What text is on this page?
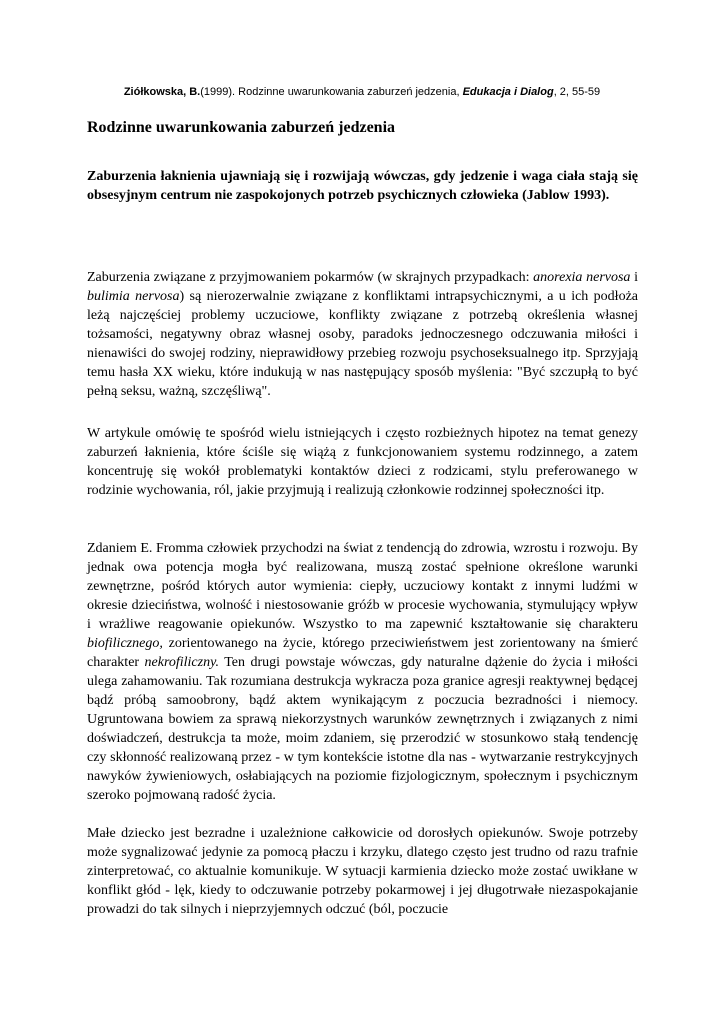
Ziółkowska, B.(1999). Rodzinne uwarunkowania zaburzeń jedzenia, Edukacja i Dialog, 2, 55-59
Rodzinne uwarunkowania zaburzeń jedzenia

Zaburzenia łaknienia ujawniają się i rozwijają wówczas, gdy jedzenie i waga ciała stają się obsesyjnym centrum nie zaspokojonych potrzeb psychicznych człowieka (Jablow 1993).

Zaburzenia związane z przyjmowaniem pokarmów (w skrajnych przypadkach: anorexia nervosa i bulimia nervosa) są nierozerwalnie związane z konfliktami intrapsychicznymi, a u ich podłoża leżą najczęściej problemy uczuciowe, konflikty związane z potrzebą określenia własnej tożsamości, negatywny obraz własnej osoby, paradoks jednoczesnego odczuwania miłości i nienawiści do swojej rodziny, nieprawidłowy przebieg rozwoju psychoseksualnego itp. Sprzyjają temu hasła XX wieku, które indukują w nas następujący sposób myślenia: "Być szczupłą to być pełną seksu, ważną, szczęśliwą".

W artykule omówię te spośród wielu istniejących i często rozbieżnych hipotez na temat genezy zaburzeń łaknienia, które ściśle się wiążą z funkcjonowaniem systemu rodzinnego, a zatem koncentruję się wokół problematyki kontaktów dzieci z rodzicami, stylu preferowanego w rodzinie wychowania, ról, jakie przyjmują i realizują członkowie rodzinnej społeczności itp.

Zdaniem E. Fromma człowiek przychodzi na świat z tendencją do zdrowia, wzrostu i rozwoju. By jednak owa potencja mogła być realizowana, muszą zostać spełnione określone warunki zewnętrzne, pośród których autor wymienia: ciepły, uczuciowy kontakt z innymi ludźmi w okresie dzieciństwa, wolność i niestosowanie gróźb w procesie wychowania, stymulujący wpływ i wrażliwe reagowanie opiekunów. Wszystko to ma zapewnić kształtowanie się charakteru biofilicznego, zorientowanego na życie, którego przeciwieństwem jest zorientowany na śmierć charakter nekrofiliczny. Ten drugi powstaje wówczas, gdy naturalne dążenie do życia i miłości ulega zahamowaniu. Tak rozumiana destrukcja wykracza poza granice agresji reaktywnej będącej bądź próbą samoobrony, bądź aktem wynikającym z poczucia bezradności i niemocy. Ugruntowana bowiem za sprawą niekorzystnych warunków zewnętrznych i związanych z nimi doświadczeń, destrukcja ta może, moim zdaniem, się przerodzić w stosunkowo stałą tendencję czy skłonność realizowaną przez - w tym kontekście istotne dla nas - wytwarzanie restrykcyjnych nawyków żywieniowych, osłabiających na poziomie fizjologicznym, społecznym i psychicznym szeroko pojmowaną radość życia.

Małe dziecko jest bezradne i uzależnione całkowicie od dorosłych opiekunów. Swoje potrzeby może sygnalizować jedynie za pomocą płaczu i krzyku, dlatego często jest trudno od razu trafnie zinterpretować, co aktualnie komunikuje. W sytuacji karmienia dziecko może zostać uwikłane w konflikt głód - lęk, kiedy to odczuwanie potrzeby pokarmowej i jej długotrwałe niezaspokajanie prowadzi do tak silnych i nieprzyjemnych odczuć (ból, poczucie
